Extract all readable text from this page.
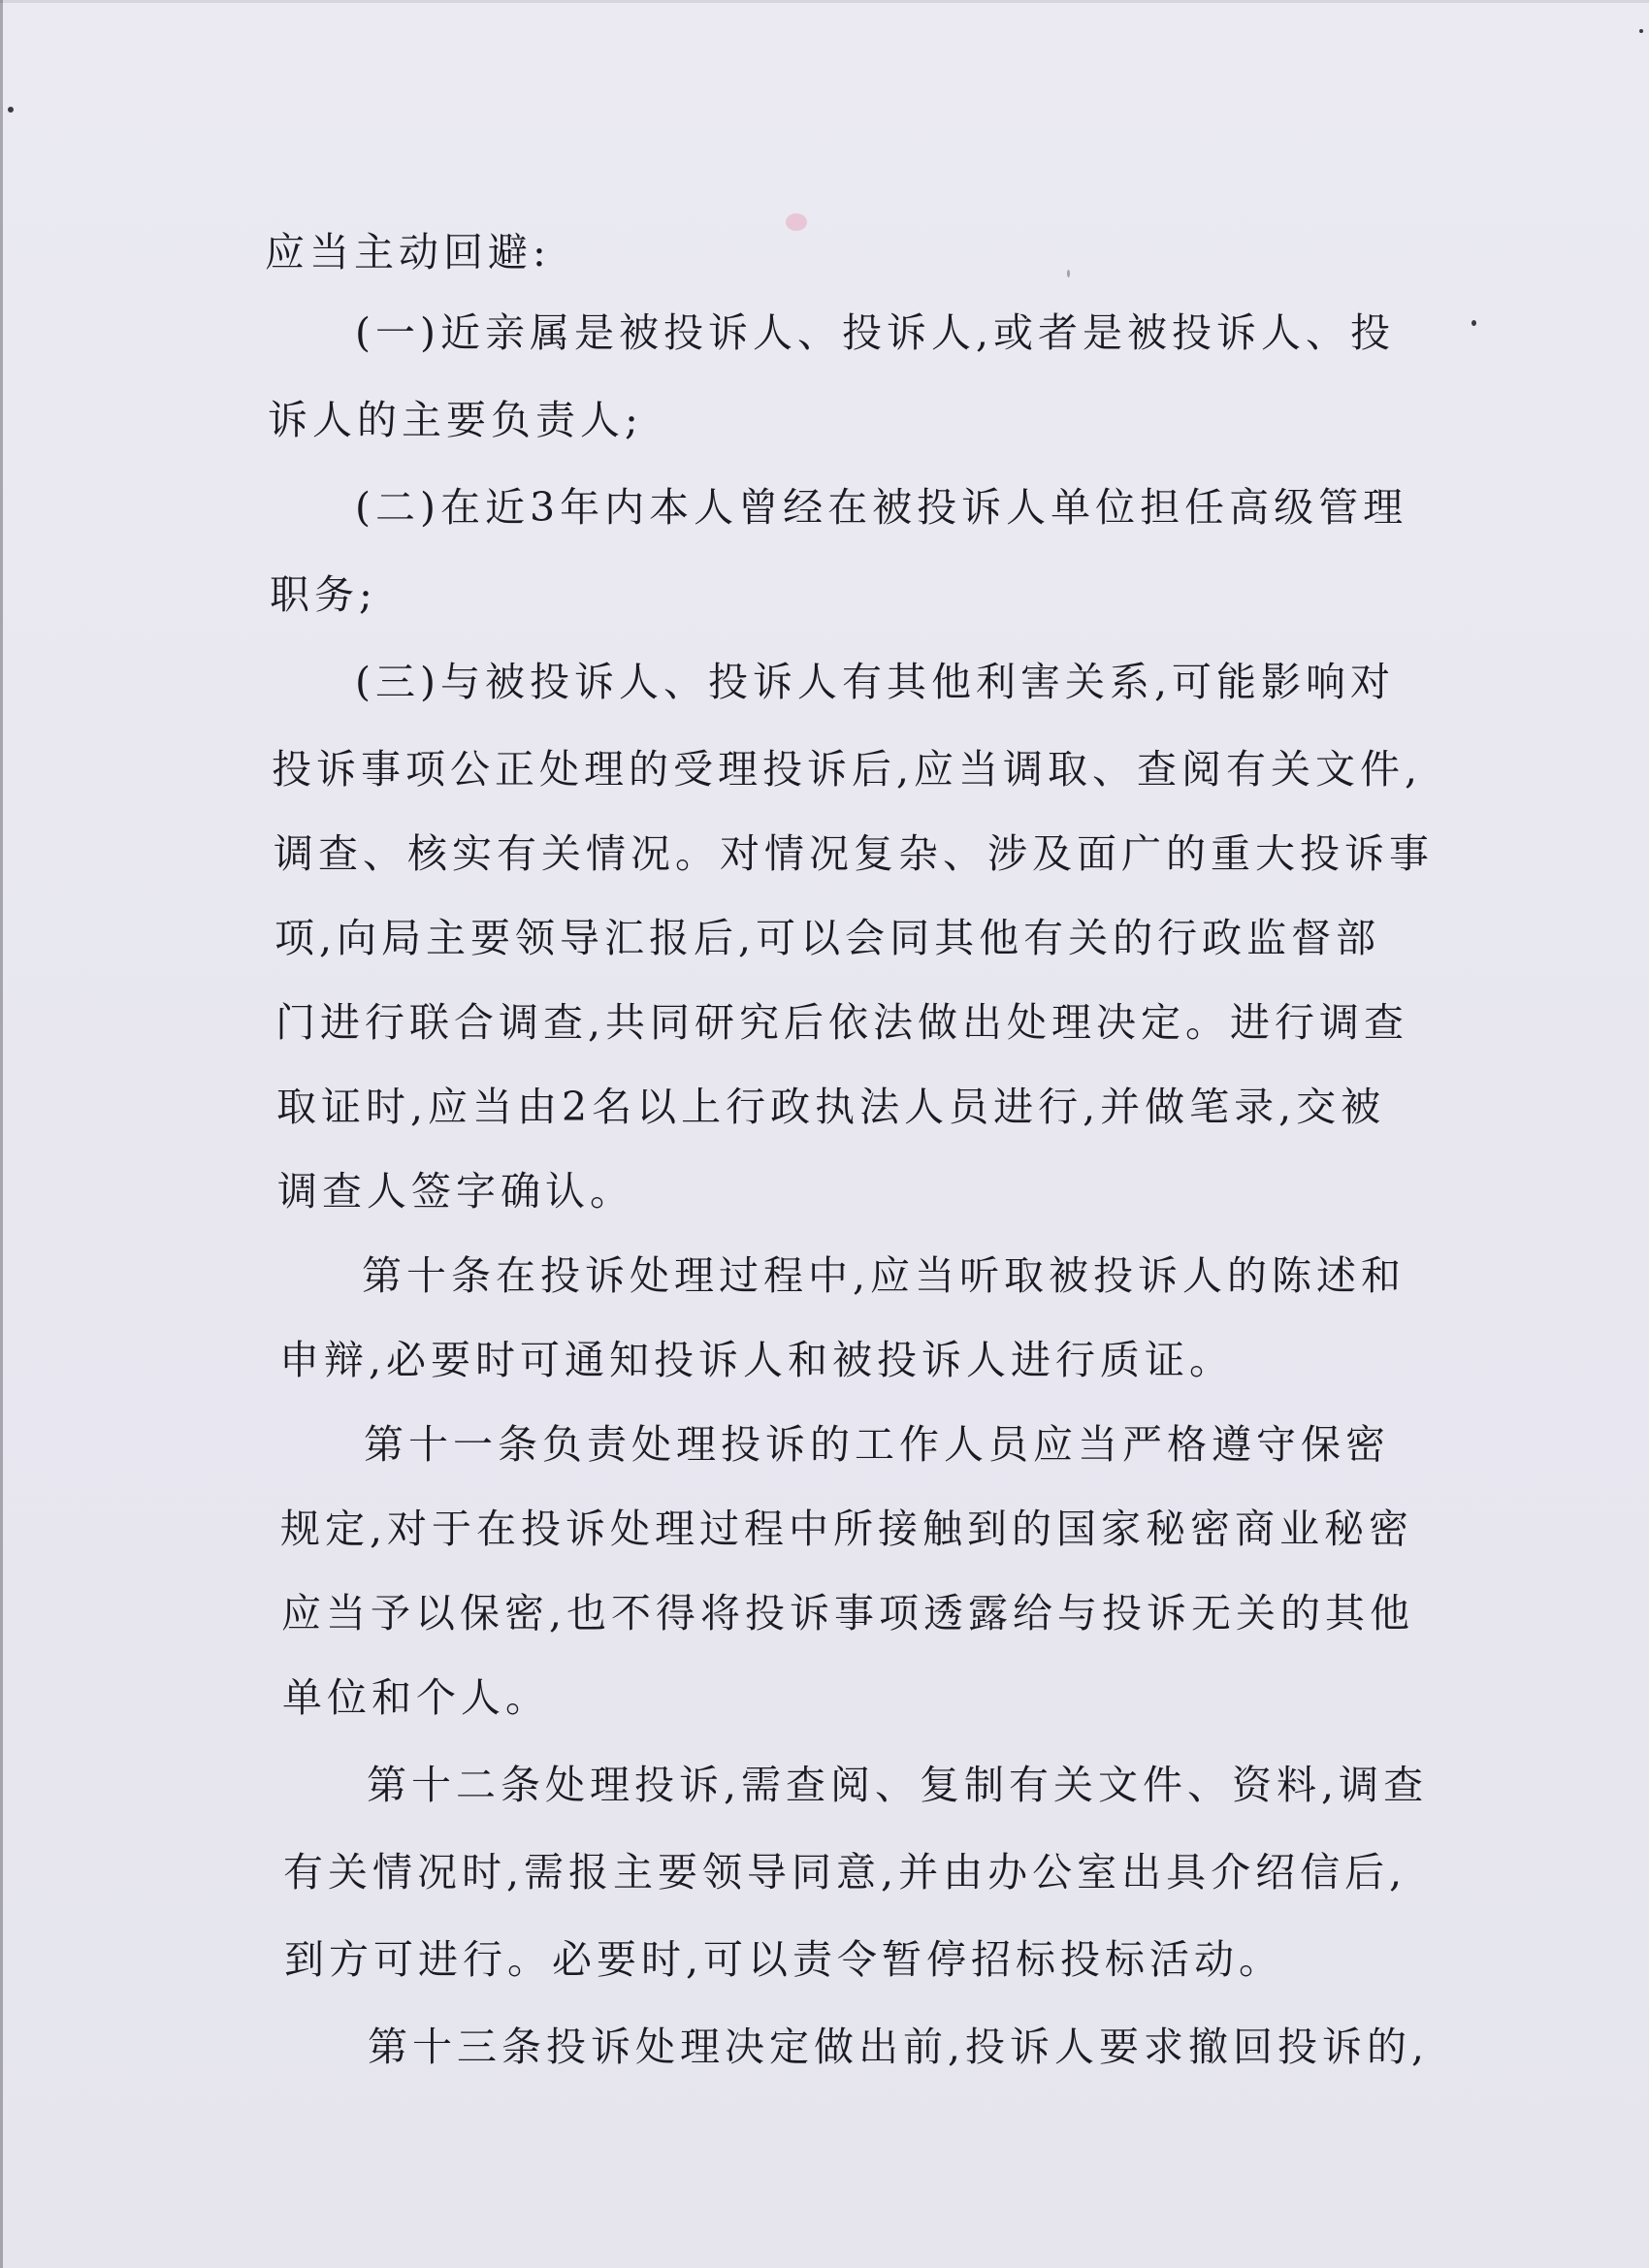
应当主动回避:
(一)近亲属是被投诉人、投诉人,或者是被投诉人、投
诉人的主要负责人;
(二)在近3年内本人曾经在被投诉人单位担任高级管理
职务;
(三)与被投诉人、投诉人有其他利害关系,可能影响对
投诉事项公正处理的受理投诉后,应当调取、查阅有关文件,
调查、核实有关情况。对情况复杂、涉及面广的重大投诉事
项,向局主要领导汇报后,可以会同其他有关的行政监督部
门进行联合调查,共同研究后依法做出处理决定。进行调查
取证时,应当由2名以上行政执法人员进行,并做笔录,交被
调查人签字确认。
第十条在投诉处理过程中,应当听取被投诉人的陈述和
申辩,必要时可通知投诉人和被投诉人进行质证。
第十一条负责处理投诉的工作人员应当严格遵守保密
规定,对于在投诉处理过程中所接触到的国家秘密商业秘密
应当予以保密,也不得将投诉事项透露给与投诉无关的其他
单位和个人。
第十二条处理投诉,需查阅、复制有关文件、资料,调查
有关情况时,需报主要领导同意,并由办公室出具介绍信后,
到方可进行。必要时,可以责令暂停招标投标活动。
第十三条投诉处理决定做出前,投诉人要求撤回投诉的,
